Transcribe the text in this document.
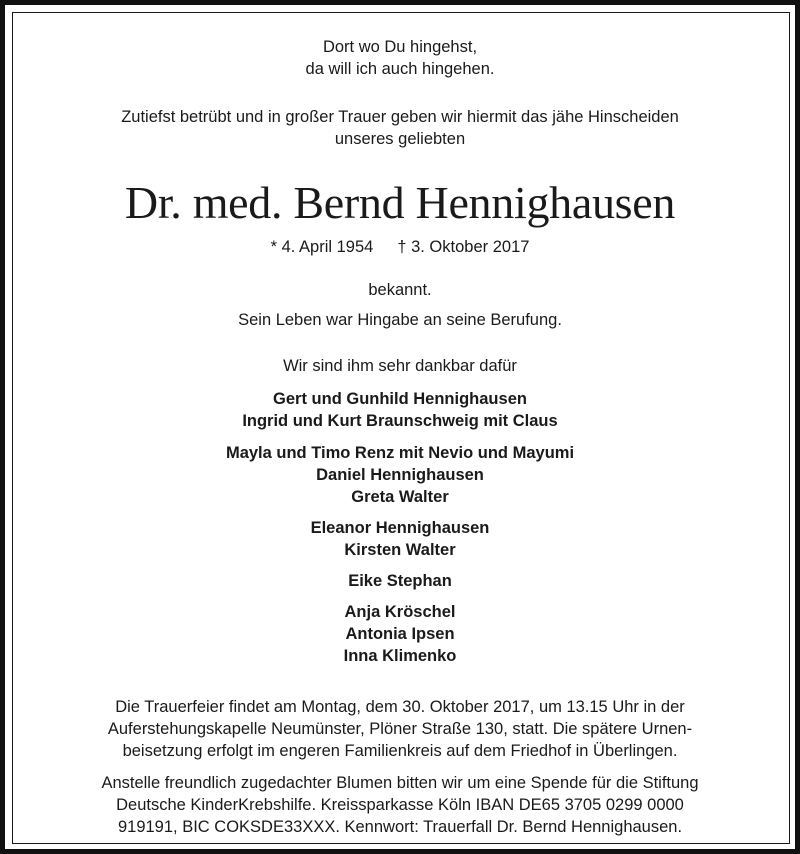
Dort wo Du hingehst,
da will ich auch hingehen.
Zutiefst betrübt und in großer Trauer geben wir hiermit das jähe Hinscheiden
unseres geliebten
Dr. med. Bernd Hennighausen
* 4. April 1954 † 3. Oktober 2017
bekannt.
Sein Leben war Hingabe an seine Berufung.
Wir sind ihm sehr dankbar dafür
Gert und Gunhild Hennighausen
Ingrid und Kurt Braunschweig mit Claus
Mayla und Timo Renz mit Nevio und Mayumi
Daniel Hennighausen
Greta Walter
Eleanor Hennighausen
Kirsten Walter
Eike Stephan
Anja Kröschel
Antonia Ipsen
Inna Klimenko
Die Trauerfeier findet am Montag, dem 30. Oktober 2017, um 13.15 Uhr in der
Auferstehungskapelle Neumünster, Plöner Straße 130, statt. Die spätere Urnen-
beisetzung erfolgt im engeren Familienkreis auf dem Friedhof in Überlingen.
Anstelle freundlich zugedachter Blumen bitten wir um eine Spende für die Stiftung
Deutsche KinderKrebshilfe. Kreissparkasse Köln IBAN DE65 3705 0299 0000
919191, BIC COKSDE33XXX. Kennwort: Trauerfall Dr. Bernd Hennighausen.
